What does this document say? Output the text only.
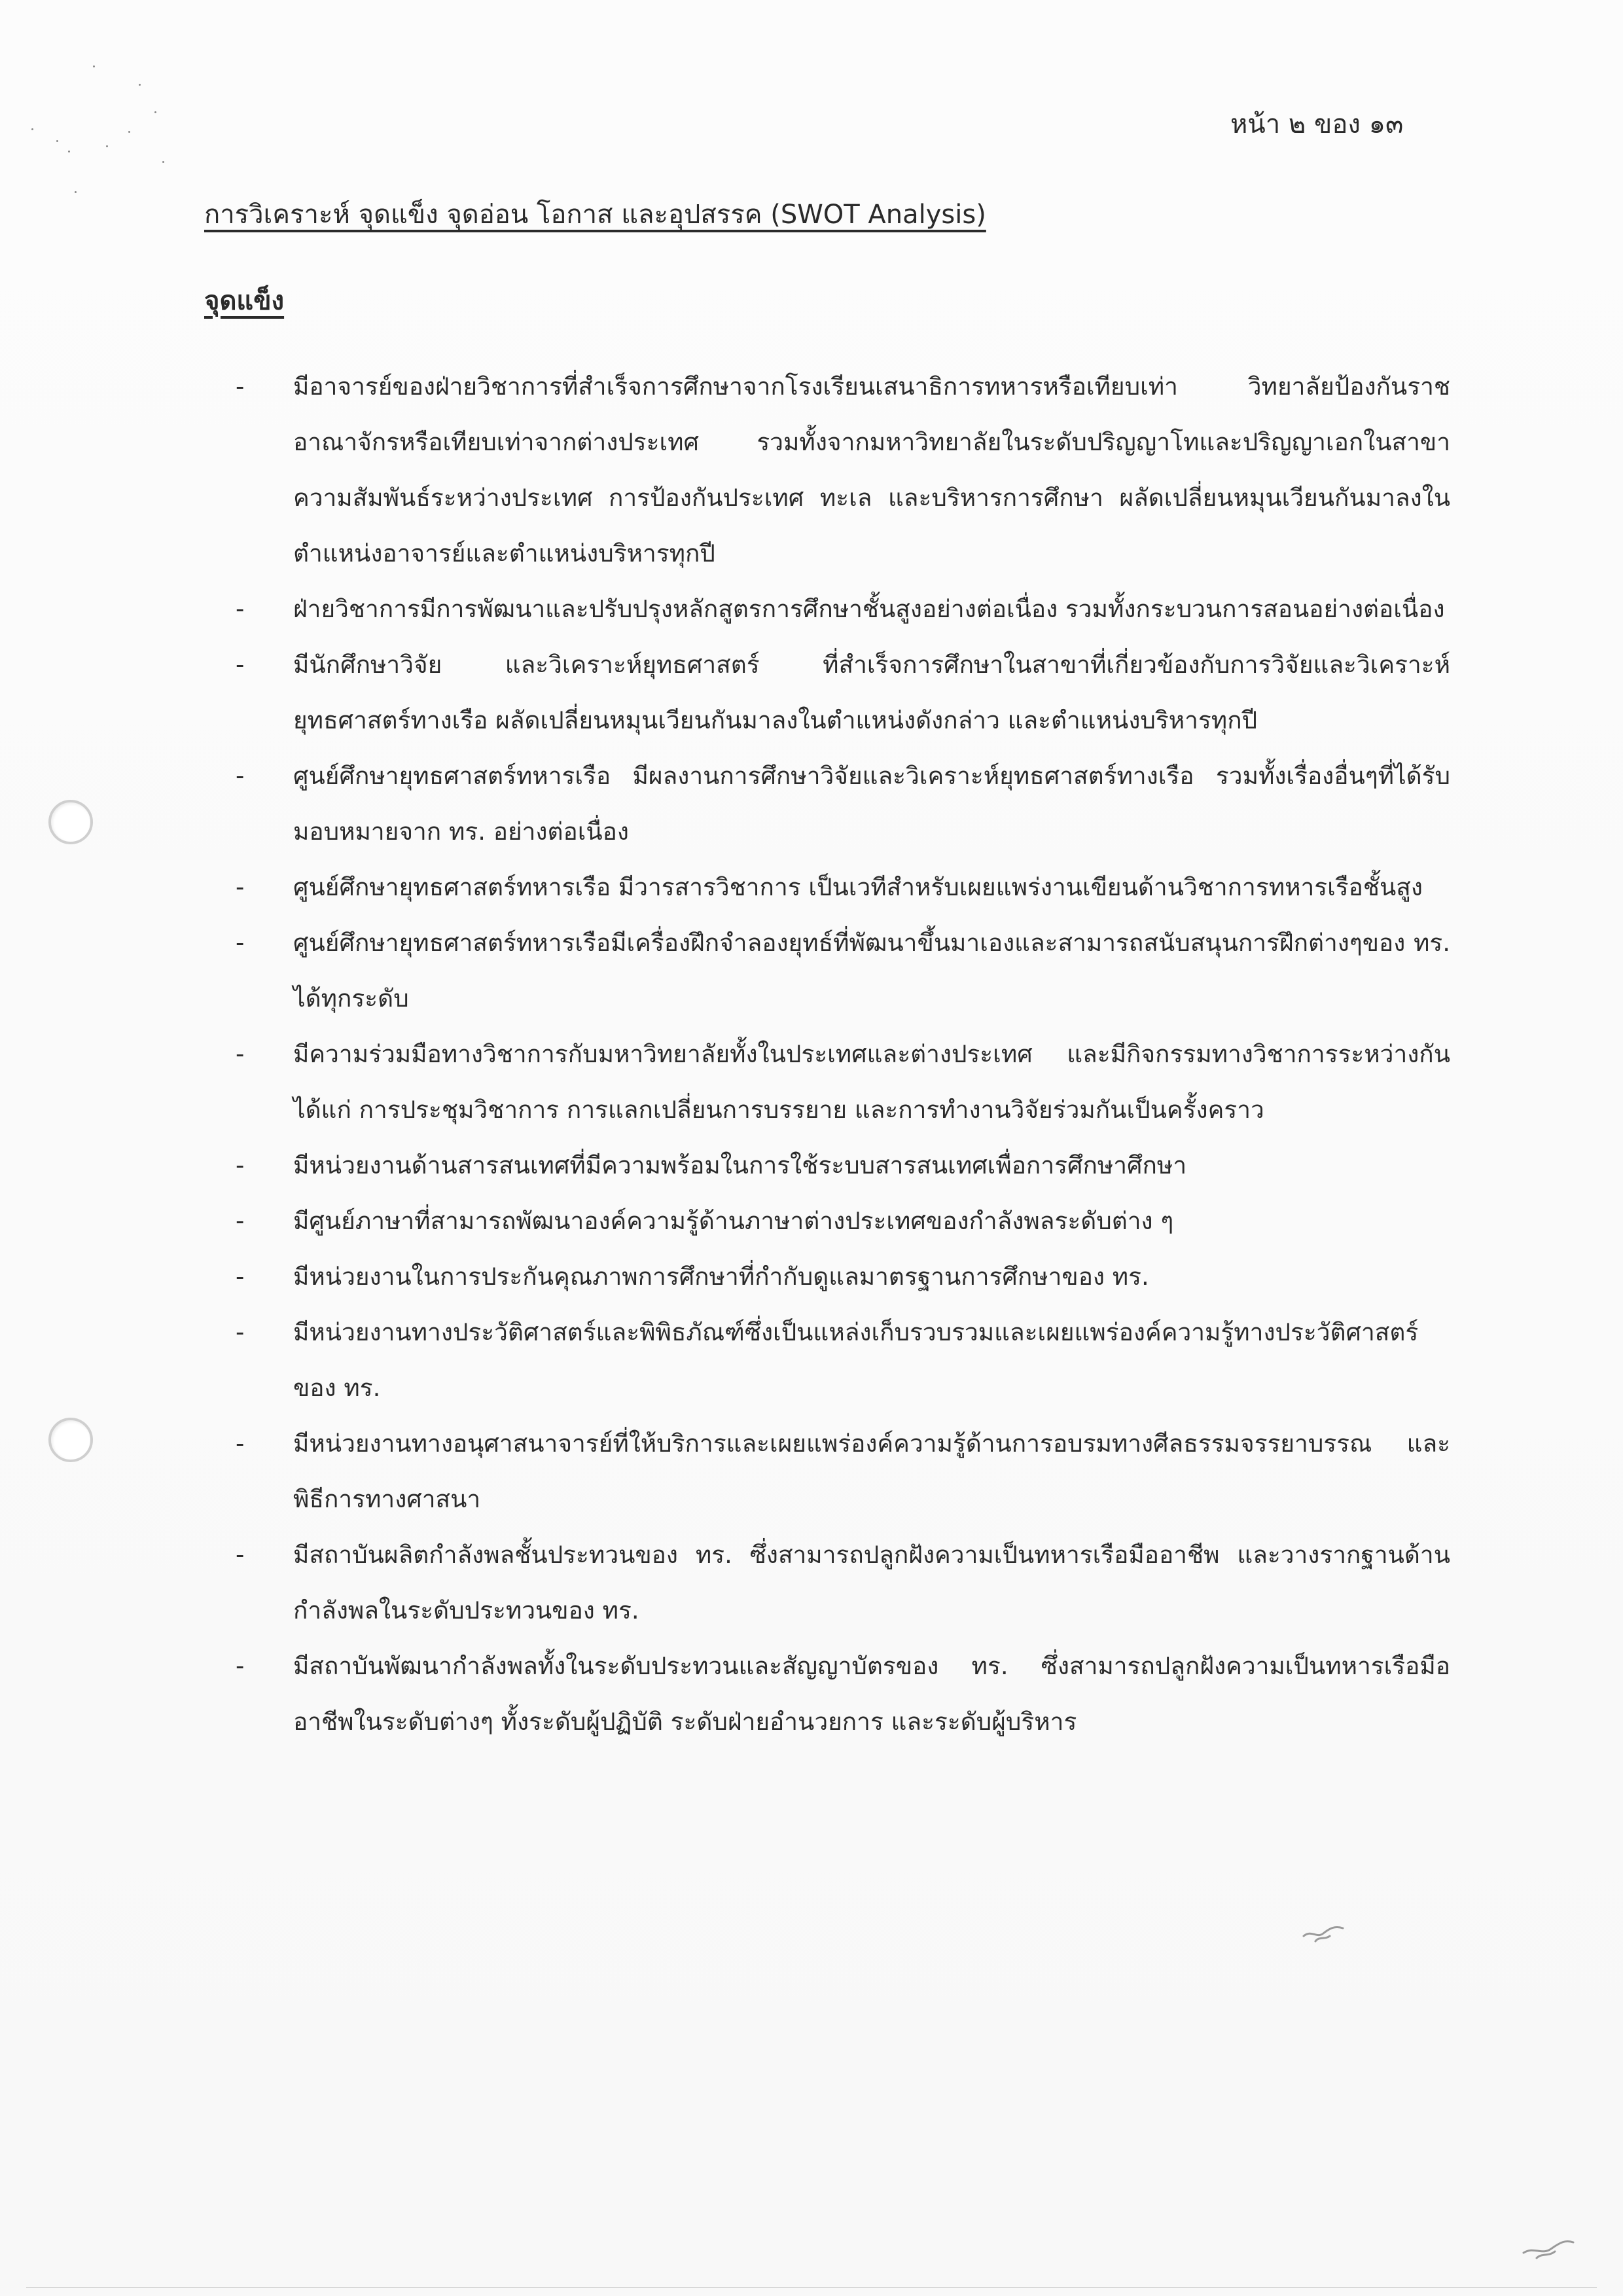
หน้า ๒ ของ ๑๓
การวิเคราะห์ จุดแข็ง จุดอ่อน โอกาส และอุปสรรค (SWOT Analysis)
จุดแข็ง
-	มีอาจารย์ของฝ่ายวิชาการที่สำเร็จการศึกษาจากโรงเรียนเสนาธิการทหารหรือเทียบเท่า วิทยาลัยป้องกันราชอาณาจักรหรือเทียบเท่าจากต่างประเทศ รวมทั้งจากมหาวิทยาลัยในระดับปริญญาโทและปริญญาเอกในสาขาความสัมพันธ์ระหว่างประเทศ การป้องกันประเทศ ทะเล และบริหารการศึกษา ผลัดเปลี่ยนหมุนเวียนกันมาลงในตำแหน่งอาจารย์และตำแหน่งบริหารทุกปี
-	ฝ่ายวิชาการมีการพัฒนาและปรับปรุงหลักสูตรการศึกษาชั้นสูงอย่างต่อเนื่อง รวมทั้งกระบวนการสอนอย่างต่อเนื่อง
-	มีนักศึกษาวิจัย และวิเคราะห์ยุทธศาสตร์ ที่สำเร็จการศึกษาในสาขาที่เกี่ยวข้องกับการวิจัยและวิเคราะห์ยุทธศาสตร์ทางเรือ ผลัดเปลี่ยนหมุนเวียนกันมาลงในตำแหน่งดังกล่าว และตำแหน่งบริหารทุกปี
-	ศูนย์ศึกษายุทธศาสตร์ทหารเรือ มีผลงานการศึกษาวิจัยและวิเคราะห์ยุทธศาสตร์ทางเรือ รวมทั้งเรื่องอื่นๆที่ได้รับมอบหมายจาก ทร. อย่างต่อเนื่อง
-	ศูนย์ศึกษายุทธศาสตร์ทหารเรือ มีวารสารวิชาการ เป็นเวทีสำหรับเผยแพร่งานเขียนด้านวิชาการทหารเรือชั้นสูง
-	ศูนย์ศึกษายุทธศาสตร์ทหารเรือมีเครื่องฝึกจำลองยุทธ์ที่พัฒนาขึ้นมาเองและสามารถสนับสนุนการฝึกต่างๆของ ทร. ได้ทุกระดับ
-	มีความร่วมมือทางวิชาการกับมหาวิทยาลัยทั้งในประเทศและต่างประเทศ และมีกิจกรรมทางวิชาการระหว่างกัน ได้แก่ การประชุมวิชาการ การแลกเปลี่ยนการบรรยาย และการทำงานวิจัยร่วมกันเป็นครั้งคราว
-	มีหน่วยงานด้านสารสนเทศที่มีความพร้อมในการใช้ระบบสารสนเทศเพื่อการศึกษาศึกษา
-	มีศูนย์ภาษาที่สามารถพัฒนาองค์ความรู้ด้านภาษาต่างประเทศของกำลังพลระดับต่าง ๆ
-	มีหน่วยงานในการประกันคุณภาพการศึกษาที่กำกับดูแลมาตรฐานการศึกษาของ ทร.
-	มีหน่วยงานทางประวัติศาสตร์และพิพิธภัณฑ์ซึ่งเป็นแหล่งเก็บรวบรวมและเผยแพร่องค์ความรู้ทางประวัติศาสตร์ของ ทร.
-	มีหน่วยงานทางอนุศาสนาจารย์ที่ให้บริการและเผยแพร่องค์ความรู้ด้านการอบรมทางศีลธรรมจรรยาบรรณ และพิธีการทางศาสนา
-	มีสถาบันผลิตกำลังพลชั้นประทวนของ ทร. ซึ่งสามารถปลูกฝังความเป็นทหารเรือมืออาชีพ และวางรากฐานด้านกำลังพลในระดับประทวนของ ทร.
-	มีสถาบันพัฒนากำลังพลทั้งในระดับประทวนและสัญญาบัตรของ ทร. ซึ่งสามารถปลูกฝังความเป็นทหารเรือมืออาชีพในระดับต่างๆ ทั้งระดับผู้ปฏิบัติ ระดับฝ่ายอำนวยการ และระดับผู้บริหาร
